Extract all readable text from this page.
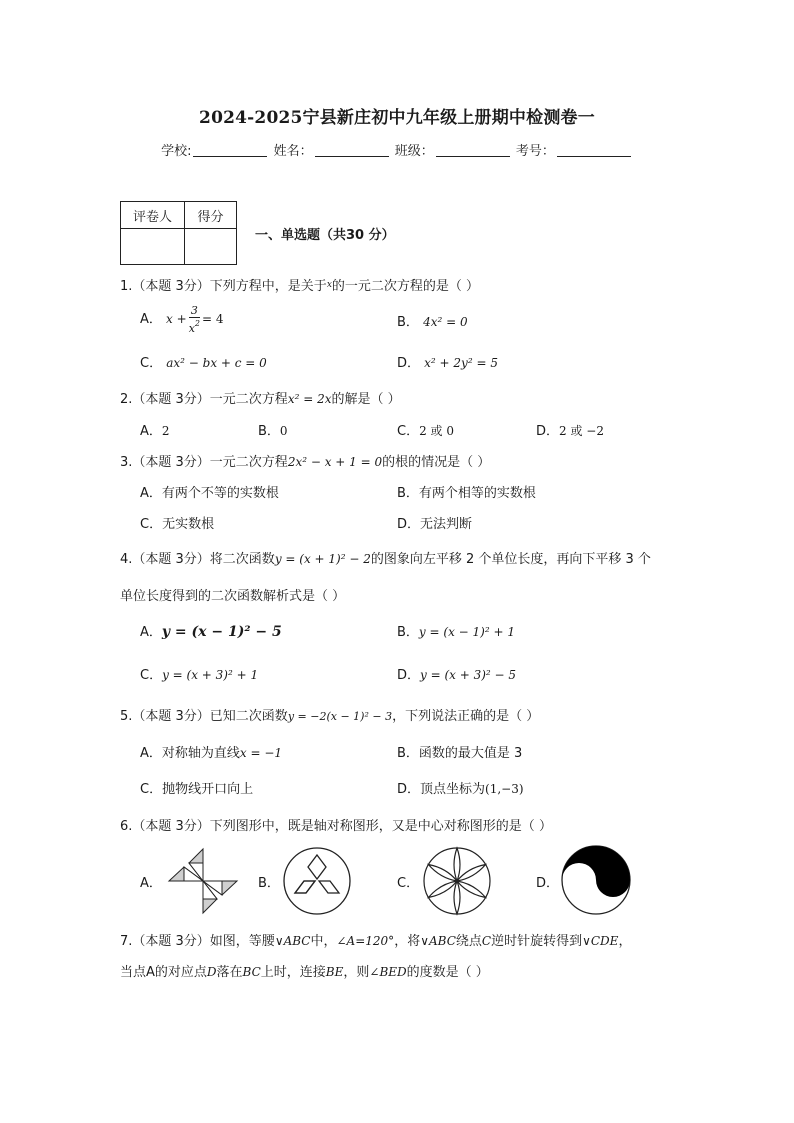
2024-2025宁县新庄初中九年级上册期中检测卷一
学校:	姓名：	班级：	考号：
评卷人	得分

一、单选题（共30 分）
1.（本题 3分）下列方程中，是关于$^x$的一元二次方程的是（ ）
A． $x + \frac{3}{x^2} = 4$	B． 4x² = 0
C． ax² − bx + c = 0	D． x² + 2y² = 5
2.（本题 3分）一元二次方程x² = 2x的解是（ ）
A．2	B．0	C．2 或 0	D．2 或 −2
3.（本题 3分）一元二次方程2x² − x + 1 = 0的根的情况是（ ）
A．有两个不等的实数根	B．有两个相等的实数根
C．无实数根	D．无法判断
4.（本题 3分）将二次函数y = (x + 1)² − 2的图象向左平移 2 个单位长度，再向下平移 3 个
单位长度得到的二次函数解析式是（ ）
A．y = (x − 1)² − 5	B．y = (x − 1)² + 1
C．y = (x + 3)² + 1	D．y = (x + 3)² − 5
5.（本题 3分）已知二次函数y = −2(x − 1)² − 3，下列说法正确的是（ ）
A．对称轴为直线x = −1	B．函数的最大值是 3
C．抛物线开口向上	D．顶点坐标为(1,−3)
6.（本题 3分）下列图形中，既是轴对称图形，又是中心对称图形的是（ ）
A．	B．	C．	D．
7.（本题 3分）如图，等腰∨ABC中，∠A=120°，将∨ABC绕点C逆时针旋转得到∨CDE，
当点A的对应点D落在BC上时，连接BE，则∠BED的度数是（ ）
